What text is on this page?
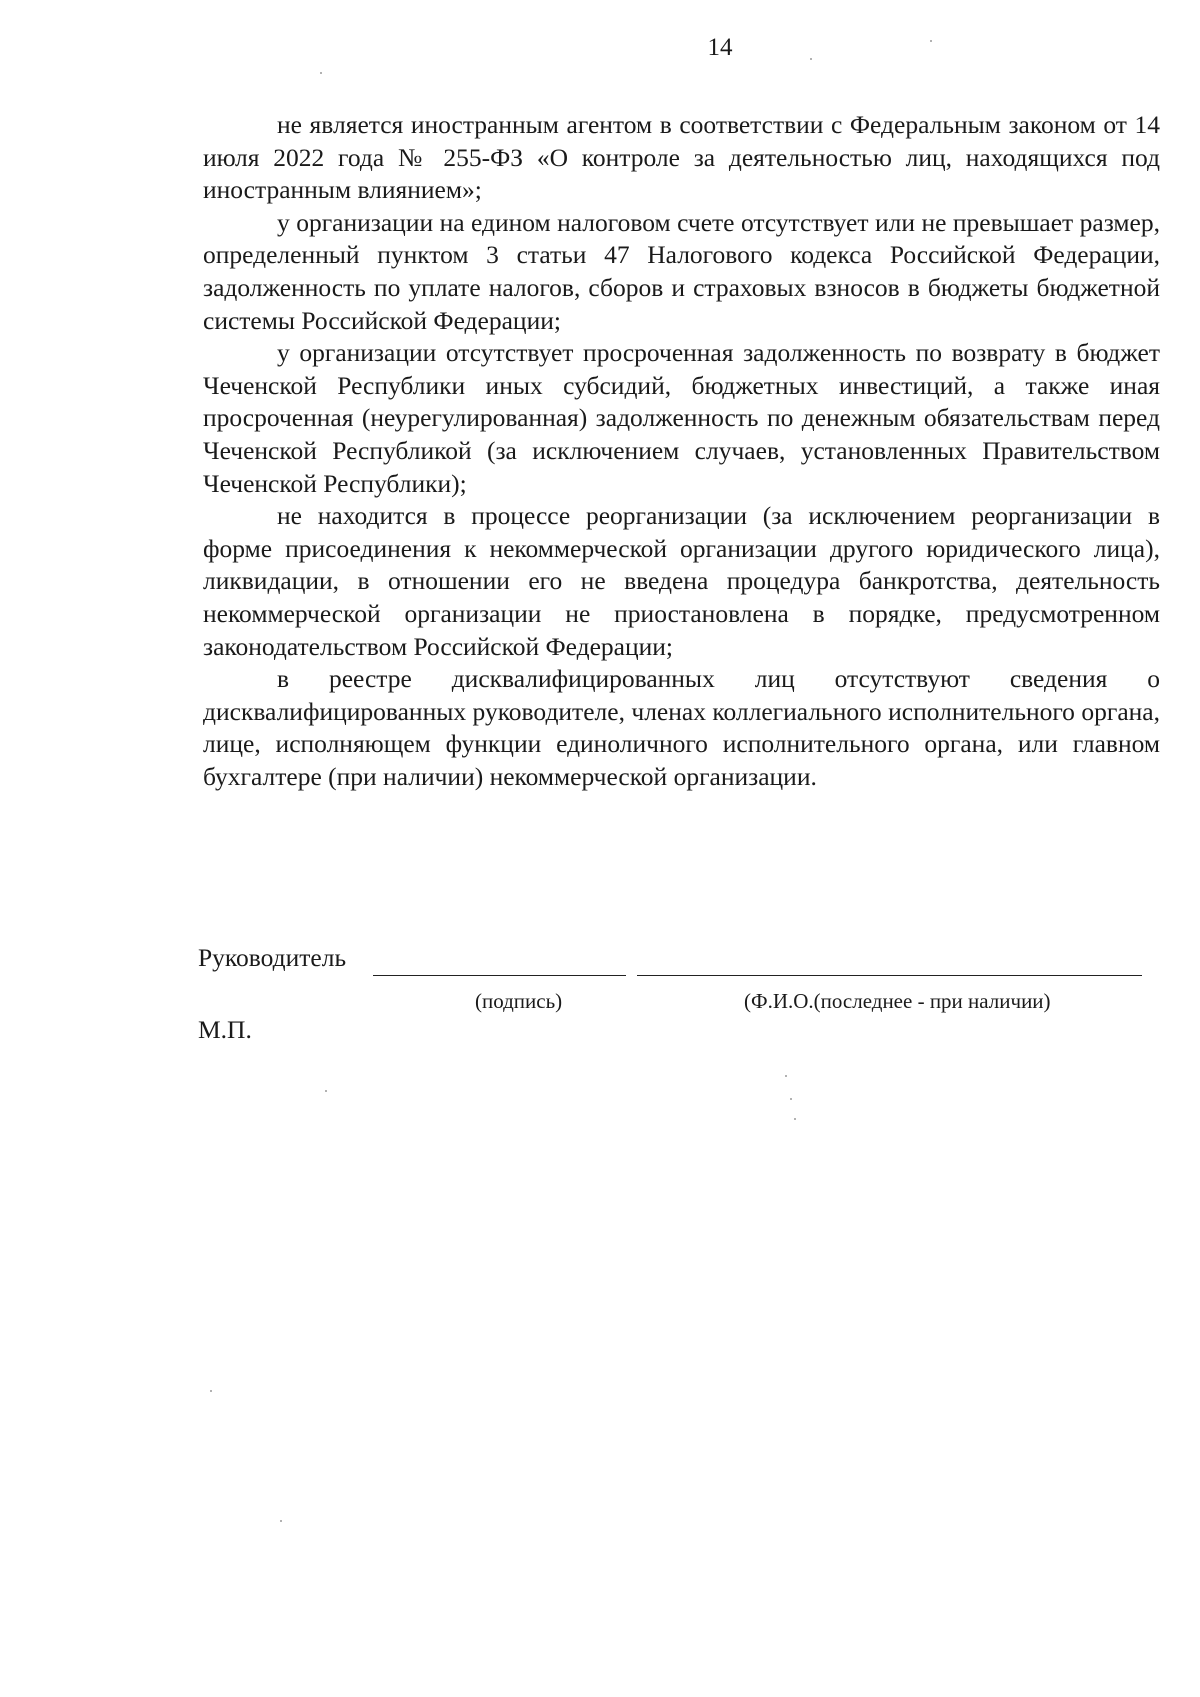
14

не является иностранным агентом в соответствии с Федеральным законом от 14 июля 2022 года № 255-ФЗ «О контроле за деятельностью лиц, находящихся под иностранным влиянием»;

у организации на едином налоговом счете отсутствует или не превышает размер, определенный пунктом 3 статьи 47 Налогового кодекса Российской Федерации, задолженность по уплате налогов, сборов и страховых взносов в бюджеты бюджетной системы Российской Федерации;

у организации отсутствует просроченная задолженность по возврату в бюджет Чеченской Республики иных субсидий, бюджетных инвестиций, а также иная просроченная (неурегулированная) задолженность по денежным обязательствам перед Чеченской Республикой (за исключением случаев, установленных Правительством Чеченской Республики);

не находится в процессе реорганизации (за исключением реорганизации в форме присоединения к некоммерческой организации другого юридического лица), ликвидации, в отношении его не введена процедура банкротства, деятельность некоммерческой организации не приостановлена в порядке, предусмотренном законодательством Российской Федерации;

в реестре дисквалифицированных лиц отсутствуют сведения о дисквалифицированных руководителе, членах коллегиального исполнительного органа, лице, исполняющем функции единоличного исполнительного органа, или главном бухгалтере (при наличии) некоммерческой организации.

Руководитель
(подпись)	(Ф.И.О.(последнее - при наличии)
М.П.
